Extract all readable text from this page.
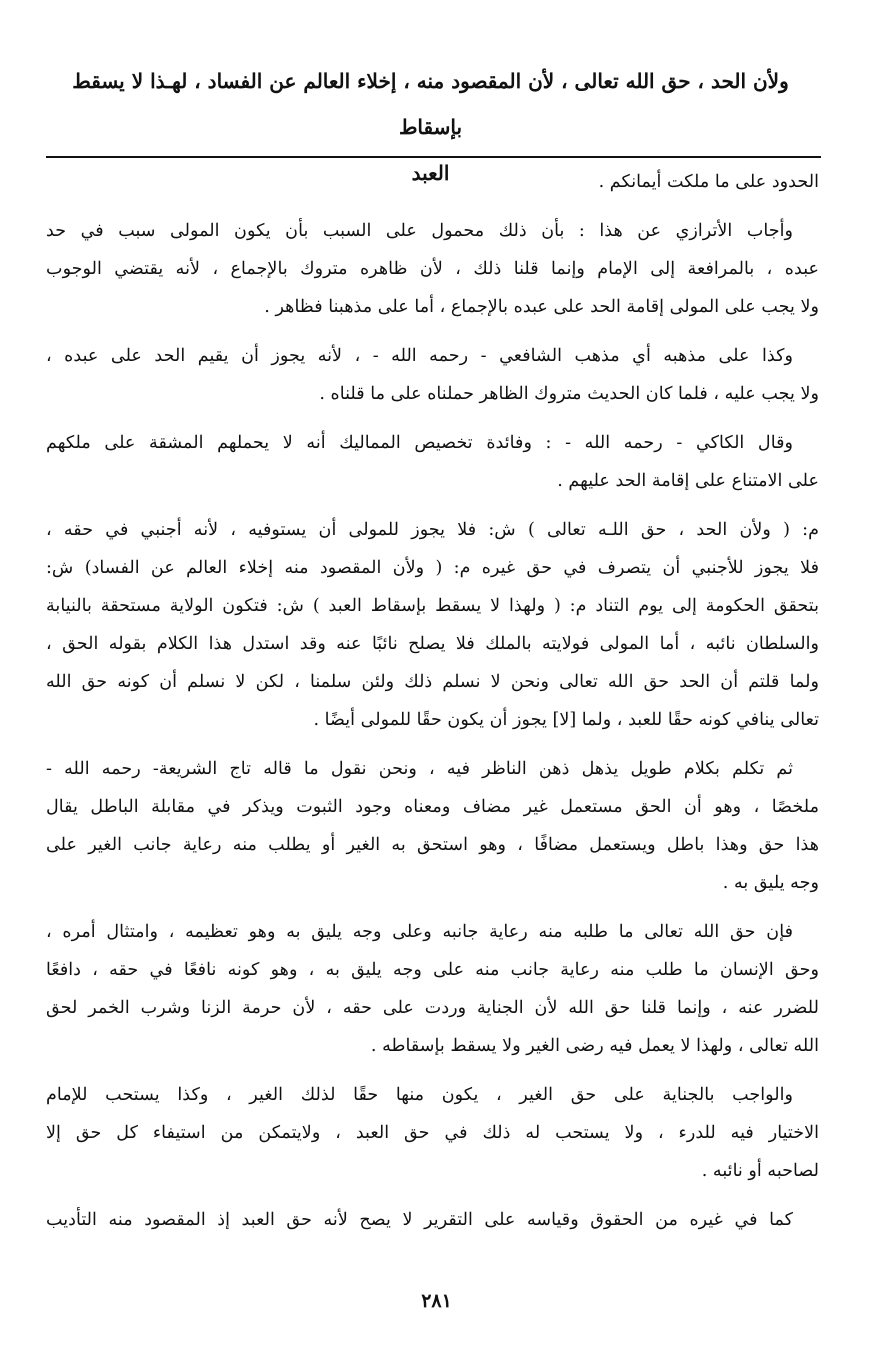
ولأن الحد ، حق الله تعالى ، لأن المقصود منه ، إخلاء العالم عن الفساد ، لهـذا لا يسقط بإسقاط
العبد	الحدود على ما ملكت أيمانكم .
وأجاب الأترازي عن هذا : بأن ذلك محمول على السبب بأن يكون المولى سبب في حد
عبده ، بالمرافعة إلى الإمام وإنما قلنا ذلك ، لأن ظاهره متروك بالإجماع ، لأنه يقتضي الوجوب
ولا يجب على المولى إقامة الحد على عبده بالإجماع ، أما على مذهبنا فظاهر .
وكذا على مذهبه أي مذهب الشافعي - رحمه الله - ، لأنه يجوز أن يقيم الحد على عبده ،
ولا يجب عليه ، فلما كان الحديث متروك الظاهر حملناه على ما قلناه .
وقال الكاكي - رحمه الله - : وفائدة تخصيص المماليك أنه لا يحملهم المشقة على ملكهم
على الامتناع على إقامة الحد عليهم .
م: ( ولأن الحد ، حق اللـه تعالى ) ش: فلا يجوز للمولى أن يستوفيه ، لأنه أجنبي في حقه ،
فلا يجوز للأجنبي أن يتصرف في حق غيره م: ( ولأن المقصود منه إخلاء العالم عن الفساد) ش:
بتحقق الحكومة إلى يوم التناد م: ( ولهذا لا يسقط بإسقاط العبد ) ش: فتكون الولاية مستحقة بالنيابة
والسلطان نائبه ، أما المولى فولايته بالملك فلا يصلح نائبًا عنه وقد استدل هذا الكلام بقوله الحق ،
ولما قلتم أن الحد حق الله تعالى ونحن لا نسلم ذلك ولئن سلمنا ، لكن لا نسلم أن كونه حق الله
تعالى ينافي كونه حقًا للعبد ، ولما [لا] يجوز أن يكون حقًا للمولى أيضًا .
ثم تكلم بكلام طويل يذهل ذهن الناظر فيه ، ونحن نقول ما قاله تاج الشريعة- رحمه الله -
ملخصًا ، وهو أن الحق مستعمل غير مضاف ومعناه وجود الثبوت ويذكر في مقابلة الباطل يقال
هذا حق وهذا باطل ويستعمل مضافًا ، وهو استحق به الغير أو يطلب منه رعاية جانب الغير على
وجه يليق به .
فإن حق الله تعالى ما طلبه منه رعاية جانبه وعلى وجه يليق به وهو تعظيمه ، وامتثال أمره ،
وحق الإنسان ما طلب منه رعاية جانب منه على وجه يليق به ، وهو كونه نافعًا في حقه ، دافعًا
للضرر عنه ، وإنما قلنا حق الله لأن الجناية وردت على حقه ، لأن حرمة الزنا وشرب الخمر لحق
الله تعالى ، ولهذا لا يعمل فيه رضى الغير ولا يسقط بإسقاطه .
والواجب بالجناية على حق الغير ، يكون منها حقًا لذلك الغير ، وكذا يستحب للإمام
الاختيار فيه للدرء ، ولا يستحب له ذلك في حق العبد ، ولايتمكن من استيفاء كل حق إلا
لصاحبه أو نائبه .
كما في غيره من الحقوق وقياسه على التقرير لا يصح لأنه حق العبد إذ المقصود منه التأديب
٢٨١
